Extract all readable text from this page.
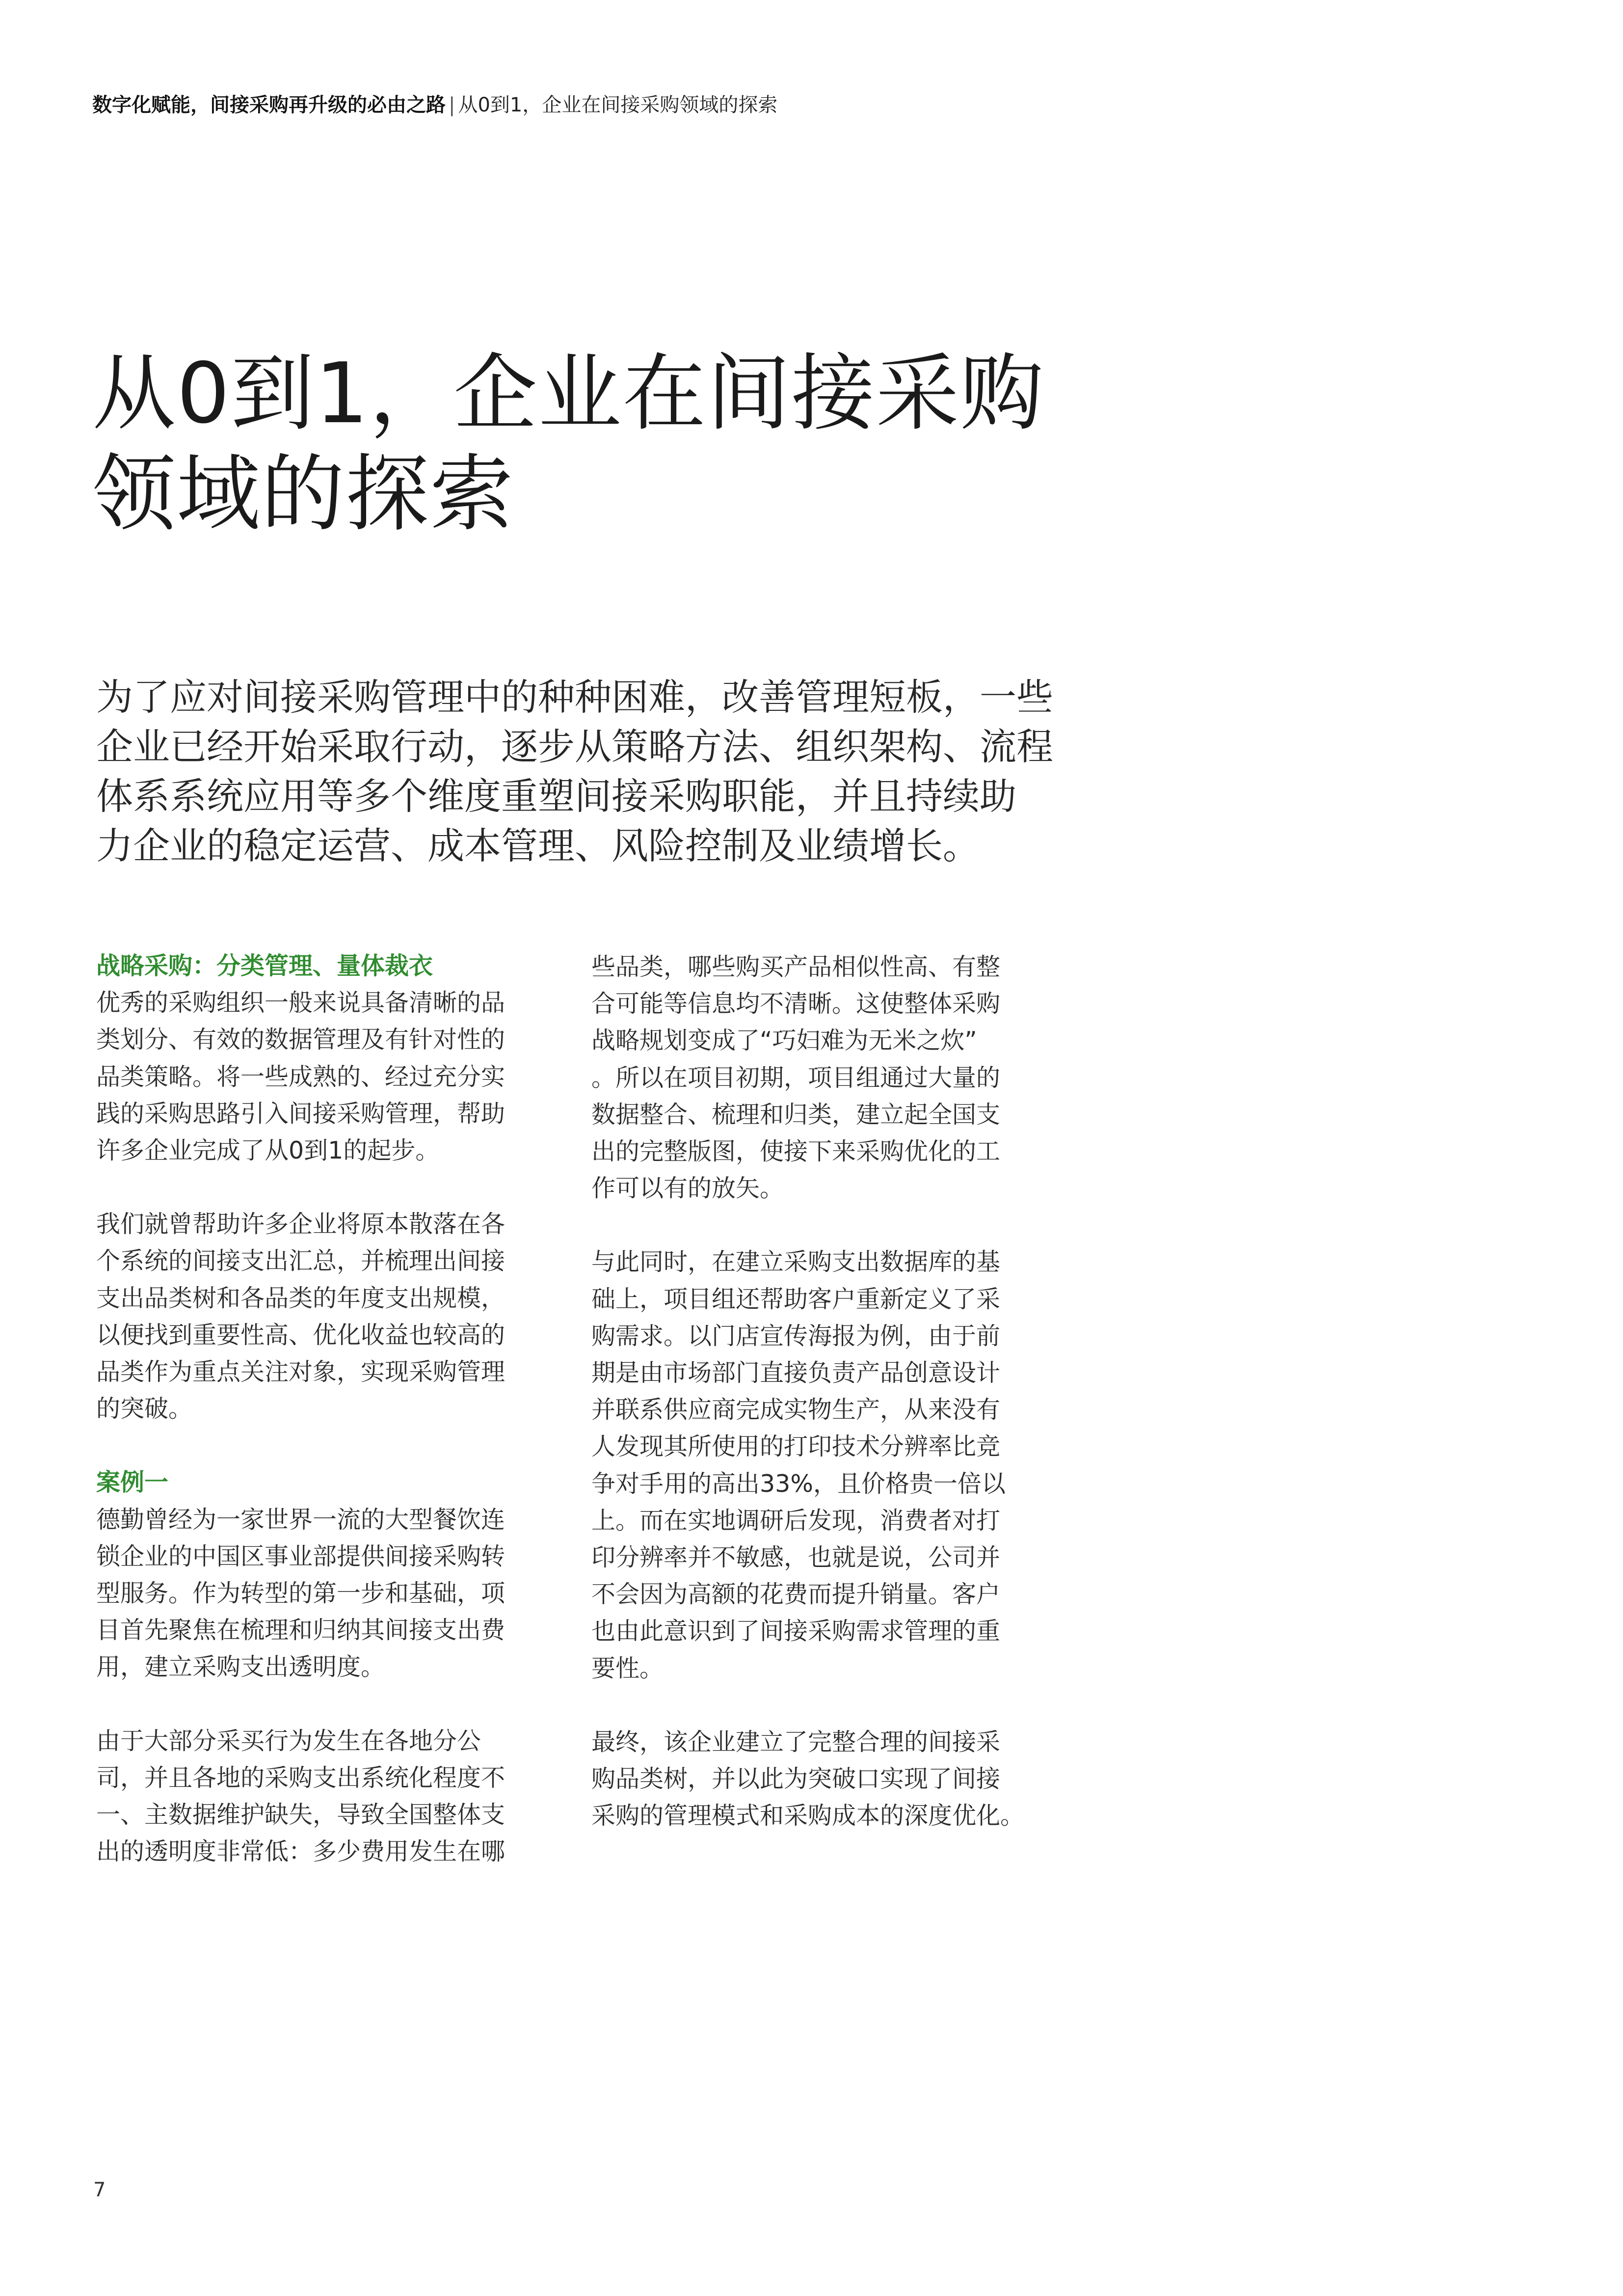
数字化赋能，间接采购再升级的必由之路 | 从0到1，企业在间接采购领域的探索
从0到1，企业在间接采购
领域的探索
为了应对间接采购管理中的种种困难，改善管理短板，一些
企业已经开始采取行动，逐步从策略方法、组织架构、流程
体系系统应用等多个维度重塑间接采购职能，并且持续助
力企业的稳定运营、成本管理、风险控制及业绩增长。
战略采购：分类管理、量体裁衣
优秀的采购组织一般来说具备清晰的品
类划分、有效的数据管理及有针对性的
品类策略。将一些成熟的、经过充分实
践的采购思路引入间接采购管理，帮助
许多企业完成了从0到1的起步。
我们就曾帮助许多企业将原本散落在各
个系统的间接支出汇总，并梳理出间接
支出品类树和各品类的年度支出规模，
以便找到重要性高、优化收益也较高的
品类作为重点关注对象，实现采购管理
的突破。
案例一
德勤曾经为一家世界一流的大型餐饮连
锁企业的中国区事业部提供间接采购转
型服务。作为转型的第一步和基础，项
目首先聚焦在梳理和归纳其间接支出费
用，建立采购支出透明度。
由于大部分采买行为发生在各地分公
司，并且各地的采购支出系统化程度不
一、主数据维护缺失，导致全国整体支
出的透明度非常低：多少费用发生在哪
些品类，哪些购买产品相似性高、有整
合可能等信息均不清晰。这使整体采购
战略规划变成了“巧妇难为无米之炊”
。所以在项目初期，项目组通过大量的
数据整合、梳理和归类，建立起全国支
出的完整版图，使接下来采购优化的工
作可以有的放矢。
与此同时，在建立采购支出数据库的基
础上，项目组还帮助客户重新定义了采
购需求。以门店宣传海报为例，由于前
期是由市场部门直接负责产品创意设计
并联系供应商完成实物生产，从来没有
人发现其所使用的打印技术分辨率比竞
争对手用的高出33%，且价格贵一倍以
上。而在实地调研后发现，消费者对打
印分辨率并不敏感，也就是说，公司并
不会因为高额的花费而提升销量。客户
也由此意识到了间接采购需求管理的重
要性。
最终，该企业建立了完整合理的间接采
购品类树，并以此为突破口实现了间接
采购的管理模式和采购成本的深度优化。
7
